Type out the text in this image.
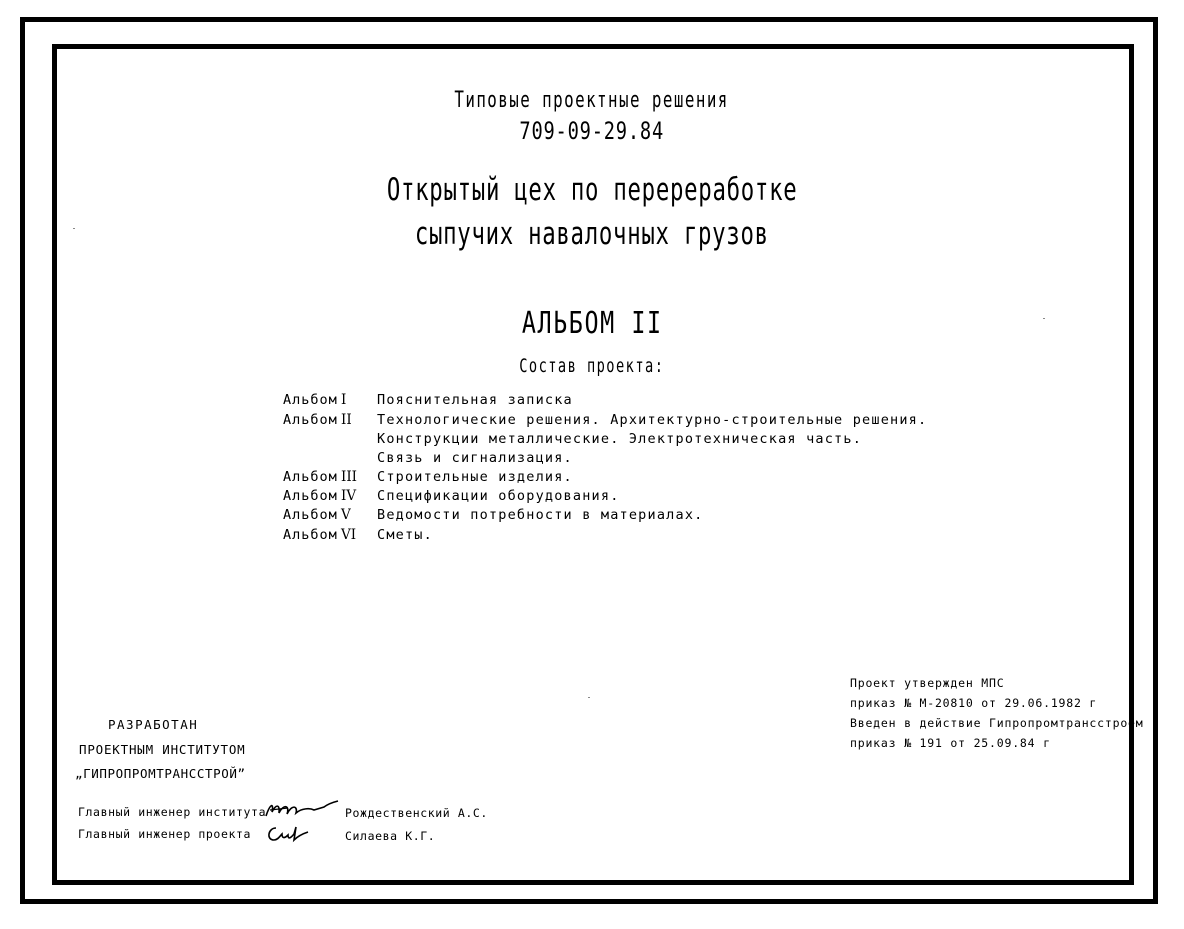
Типовые проектные решения
709-09-29.84
Открытый цех по перерeработке
сыпучих навалочных грузов
АЛЬБОМ II
Состав проекта:
Альбом I Пояснительная записка
Альбом II Технологические решения. Архитектурно-строительные решения.
Конструкции металлические. Электротехническая часть.
Связь и сигнализация.
Альбом III Строительные изделия.
Альбом IV Спецификации оборудования.
Альбом V Ведомости потребности в материалах.
Альбом VI Сметы.
РАЗРАБОТАН
ПРОЕКТНЫМ ИНСТИТУТОМ
„ГИПРОПРОМТРАНССТРОЙ”
Главный инженер института	Рождественский А.С.
Главный инженер проекта	Силаева К.Г.
Проект утвержден МПС
приказ № М-20810 от 29.06.1982 г
Введен в действие Гипропромтрансстроем
приказ № 191 от 25.09.84 г
